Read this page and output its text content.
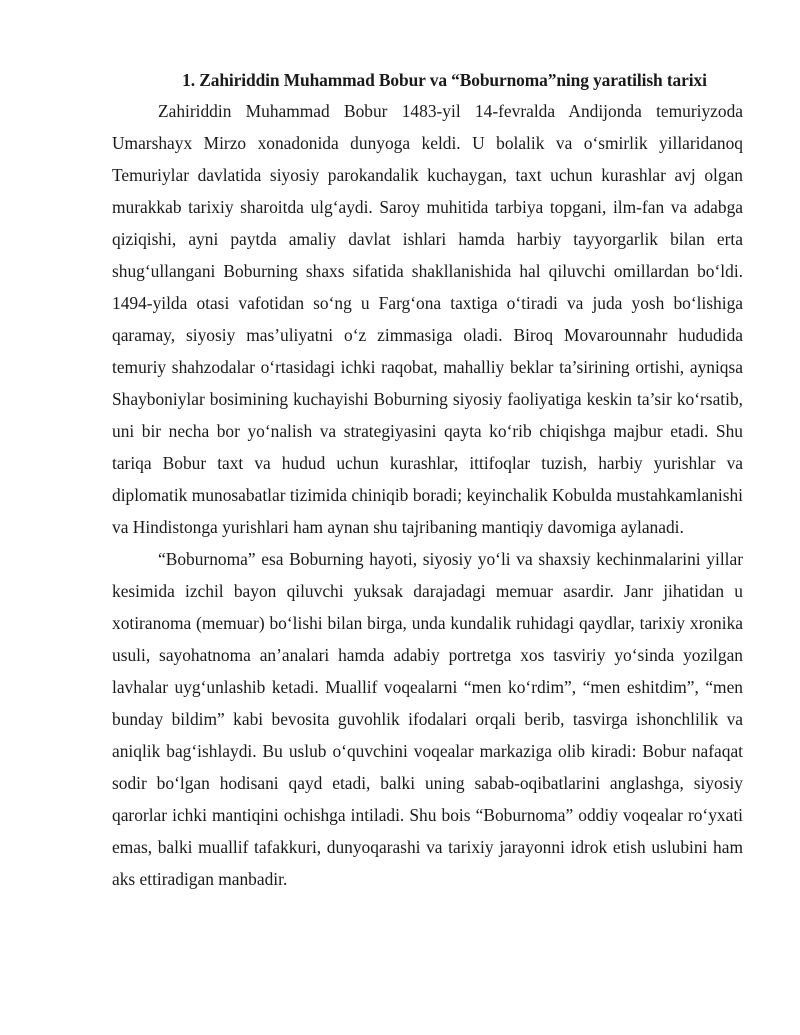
1. Zahiriddin Muhammad Bobur va “Boburnoma”ning yaratilish tarixi

Zahiriddin Muhammad Bobur 1483-yil 14-fevralda Andijonda temuriyzoda Umarshayx Mirzo xonadonida dunyoga keldi. U bolalik va o‘smirlik yillaridanoq Temuriylar davlatida siyosiy parokandalik kuchaygan, taxt uchun kurashlar avj olgan murakkab tarixiy sharoitda ulg‘aydi. Saroy muhitida tarbiya topgani, ilm-fan va adabga qiziqishi, ayni paytda amaliy davlat ishlari hamda harbiy tayyorgarlik bilan erta shug‘ullangani Boburning shaxs sifatida shakllanishida hal qiluvchi omillardan bo‘ldi. 1494-yilda otasi vafotidan so‘ng u Farg‘ona taxtiga o‘tiradi va juda yosh bo‘lishiga qaramay, siyosiy mas’uliyatni o‘z zimmasiga oladi. Biroq Movarounnahr hududida temuriy shahzodalar o‘rtasidagi ichki raqobat, mahalliy beklar ta’sirining ortishi, ayniqsa Shayboniylar bosimining kuchayishi Boburning siyosiy faoliyatiga keskin ta’sir ko‘rsatib, uni bir necha bor yo‘nalish va strategiyasini qayta ko‘rib chiqishga majbur etadi. Shu tariqa Bobur taxt va hudud uchun kurashlar, ittifoqlar tuzish, harbiy yurishlar va diplomatik munosabatlar tizimida chiniqib boradi; keyinchalik Kobulda mustahkamlanishi va Hindistonga yurishlari ham aynan shu tajribaning mantiqiy davomiga aylanadi.

“Boburnoma” esa Boburning hayoti, siyosiy yo‘li va shaxsiy kechinmalarini yillar kesimida izchil bayon qiluvchi yuksak darajadagi memuar asardir. Janr jihatidan u xotiranoma (memuar) bo‘lishi bilan birga, unda kundalik ruhidagi qaydlar, tarixiy xronika usuli, sayohatnoma an’analari hamda adabiy portretga xos tasviriy yo‘sinda yozilgan lavhalar uyg‘unlashib ketadi. Muallif voqealarni “men ko‘rdim”, “men eshitdim”, “men bunday bildim” kabi bevosita guvohlik ifodalari orqali berib, tasvirga ishonchlilik va aniqlik bag‘ishlaydi. Bu uslub o‘quvchini voqealar markaziga olib kiradi: Bobur nafaqat sodir bo‘lgan hodisani qayd etadi, balki uning sabab-oqibatlarini anglashga, siyosiy qarorlar ichki mantiqini ochishga intiladi. Shu bois “Boburnoma” oddiy voqealar ro‘yxati emas, balki muallif tafakkuri, dunyoqarashi va tarixiy jarayonni idrok etish uslubini ham aks ettiradigan manbadir.
